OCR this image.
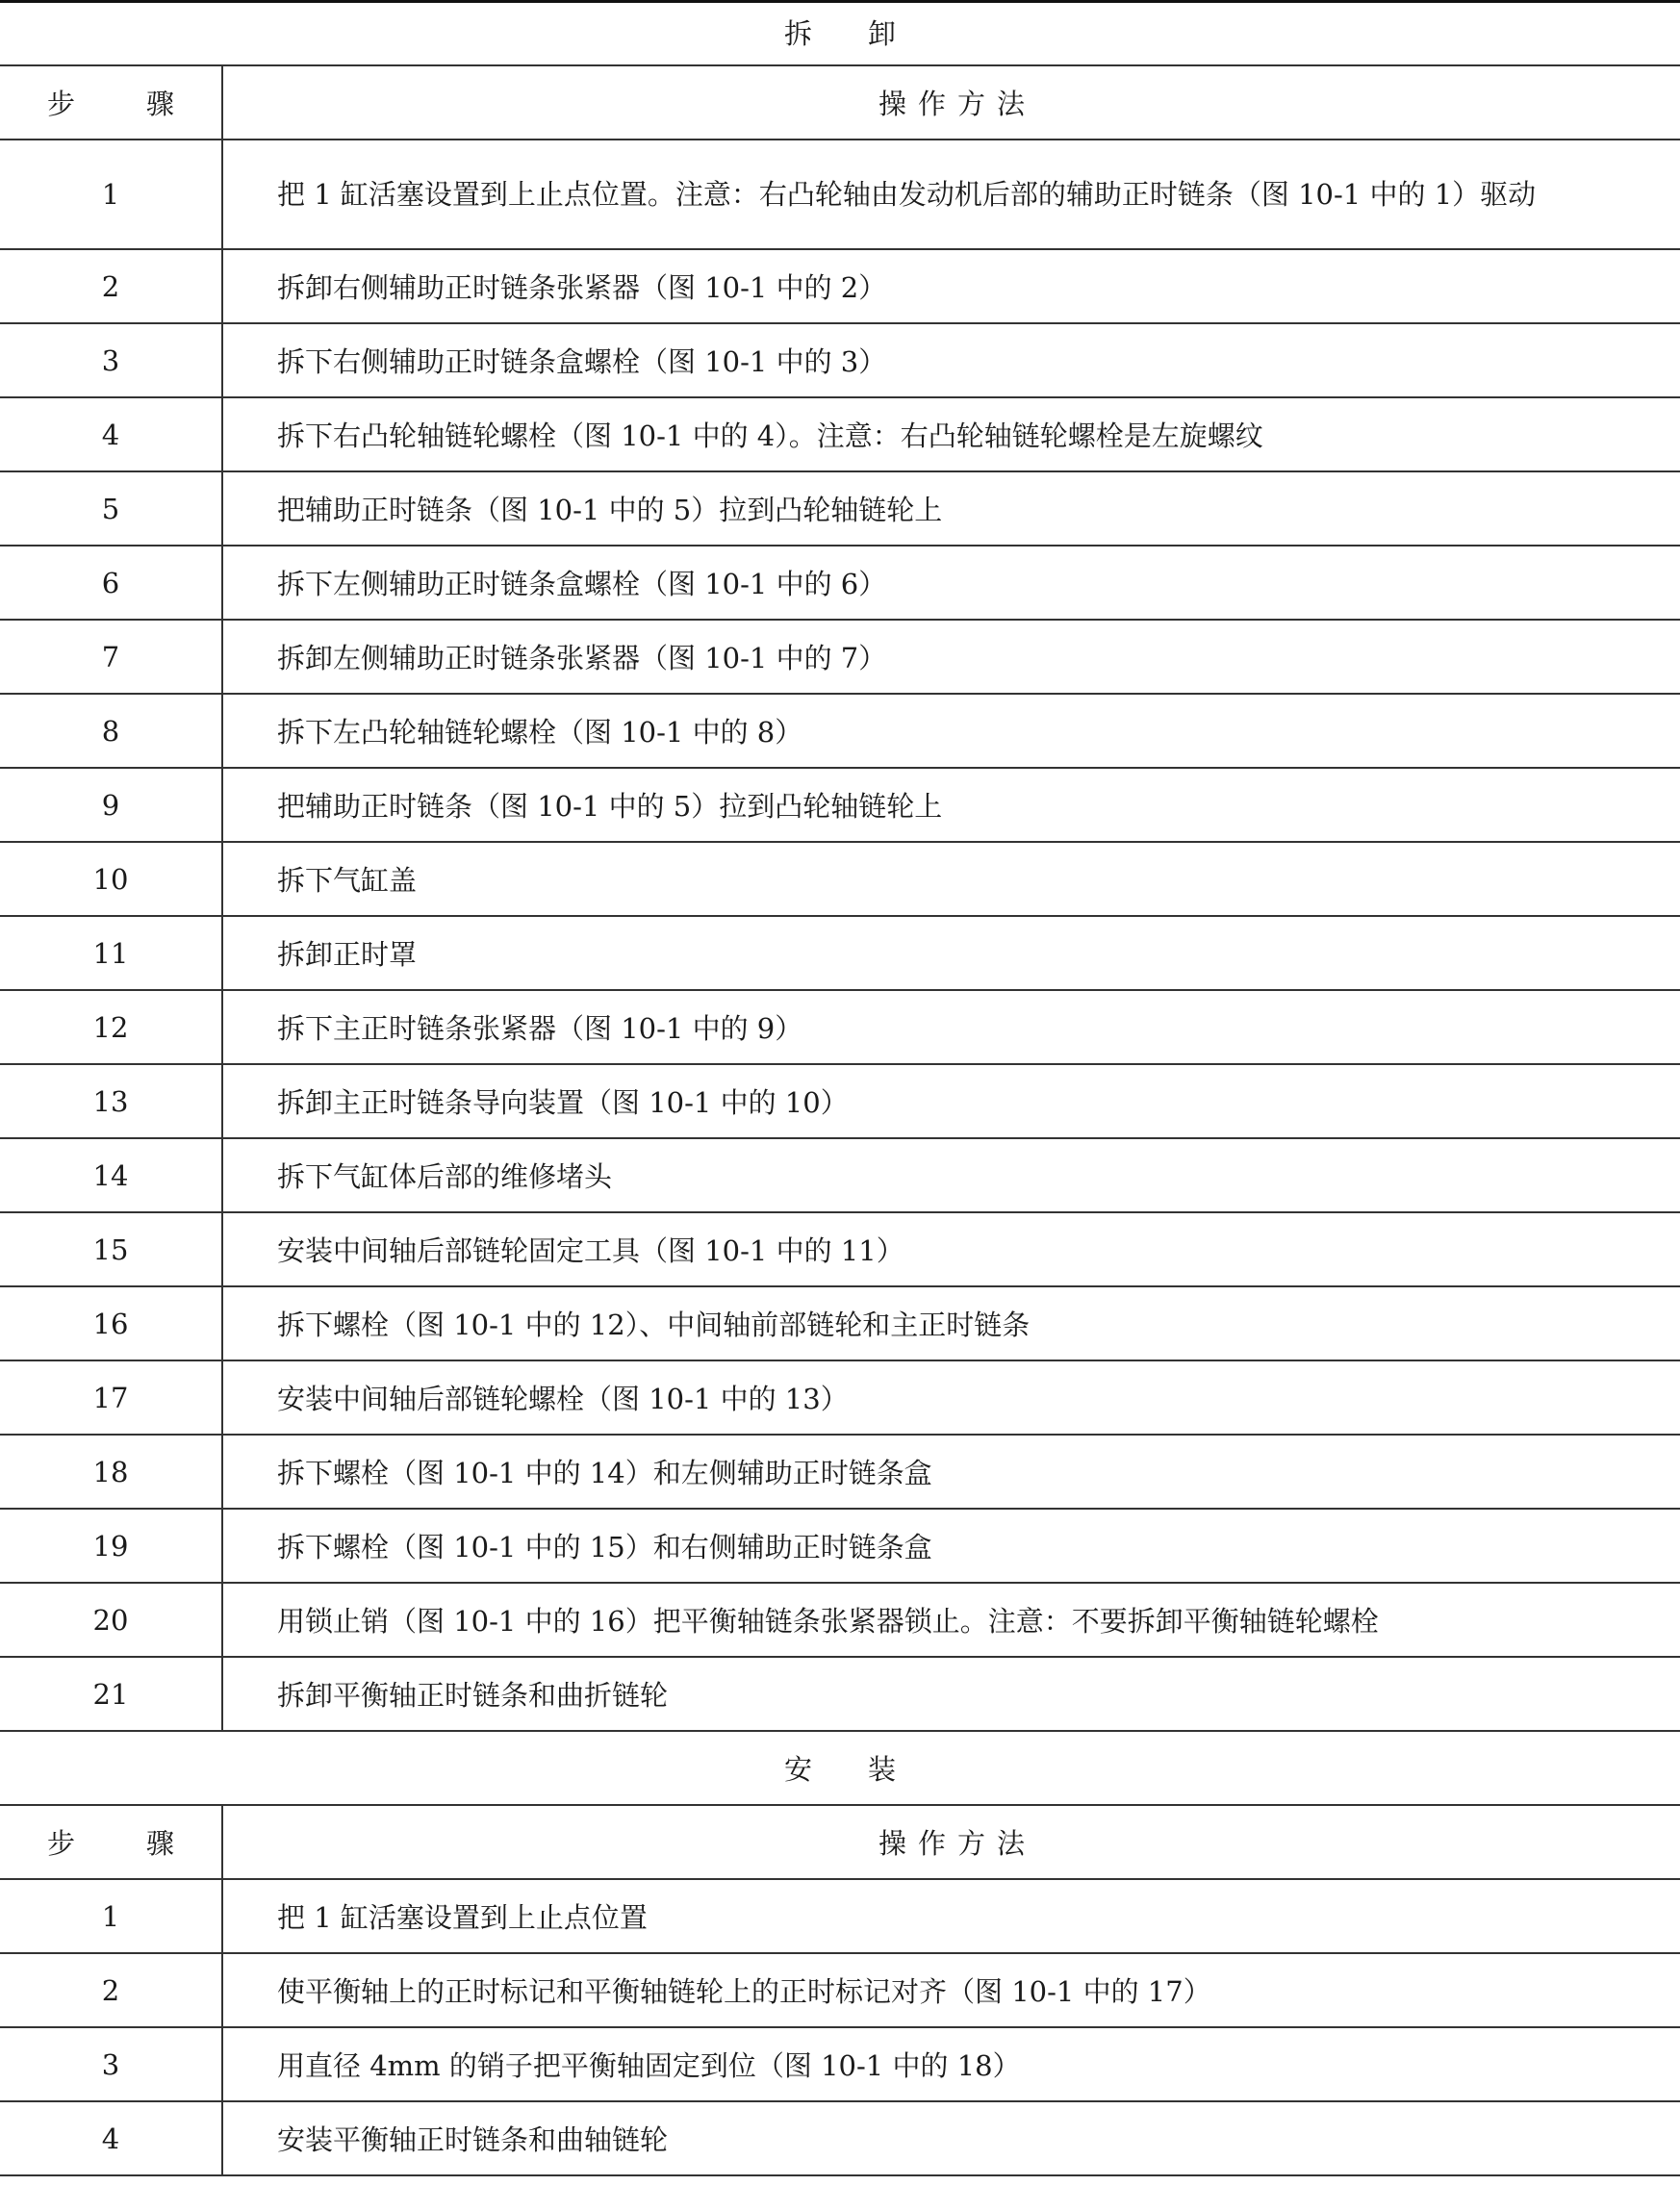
拆卸	
步骤	操作方法
1	把 1 缸活塞设置到上止点位置。注意：右凸轮轴由发动机后部的辅助正时链条（图 10-1 中的 1）驱动
2	拆卸右侧辅助正时链条张紧器（图 10-1 中的 2）
3	拆下右侧辅助正时链条盒螺栓（图 10-1 中的 3）
4	拆下右凸轮轴链轮螺栓（图 10-1 中的 4）。注意：右凸轮轴链轮螺栓是左旋螺纹
5	把辅助正时链条（图 10-1 中的 5）拉到凸轮轴链轮上
6	拆下左侧辅助正时链条盒螺栓（图 10-1 中的 6）
7	拆卸左侧辅助正时链条张紧器（图 10-1 中的 7）
8	拆下左凸轮轴链轮螺栓（图 10-1 中的 8）
9	把辅助正时链条（图 10-1 中的 5）拉到凸轮轴链轮上
10	拆下气缸盖
11	拆卸正时罩
12	拆下主正时链条张紧器（图 10-1 中的 9）
13	拆卸主正时链条导向装置（图 10-1 中的 10）
14	拆下气缸体后部的维修堵头
15	安装中间轴后部链轮固定工具（图 10-1 中的 11）
16	拆下螺栓（图 10-1 中的 12）、中间轴前部链轮和主正时链条
17	安装中间轴后部链轮螺栓（图 10-1 中的 13）
18	拆下螺栓（图 10-1 中的 14）和左侧辅助正时链条盒
19	拆下螺栓（图 10-1 中的 15）和右侧辅助正时链条盒
20	用锁止销（图 10-1 中的 16）把平衡轴链条张紧器锁止。注意：不要拆卸平衡轴链轮螺栓
21	拆卸平衡轴正时链条和曲折链轮
安装	
步骤	操作方法
1	把 1 缸活塞设置到上止点位置
2	使平衡轴上的正时标记和平衡轴链轮上的正时标记对齐（图 10-1 中的 17）
3	用直径 4mm 的销子把平衡轴固定到位（图 10-1 中的 18）
4	安装平衡轴正时链条和曲轴链轮
